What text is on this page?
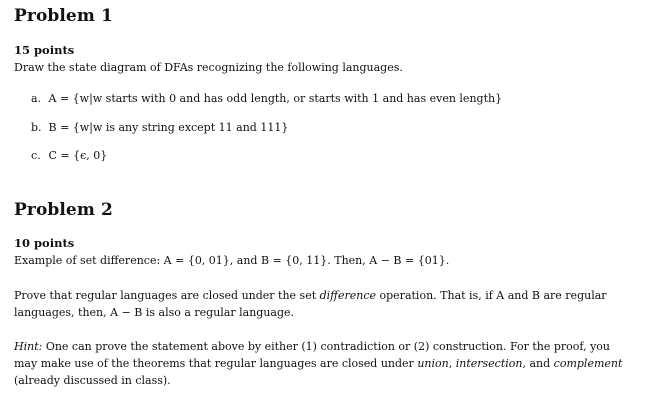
Problem 1
15 points
Draw the state diagram of DFAs recognizing the following languages.
a. A = {w|w starts with 0 and has odd length, or starts with 1 and has even length}
b. B = {w|w is any string except 11 and 111}
c. C = {ϵ, 0}
Problem 2
10 points
Example of set difference: A = {0, 01}, and B = {0, 11}. Then, A − B = {01}.
Prove that regular languages are closed under the set difference operation. That is, if A and B are regular
languages, then, A − B is also a regular language.
Hint: One can prove the statement above by either (1) contradiction or (2) construction. For the proof, you
may make use of the theorems that regular languages are closed under union, intersection, and complement
(already discussed in class).
